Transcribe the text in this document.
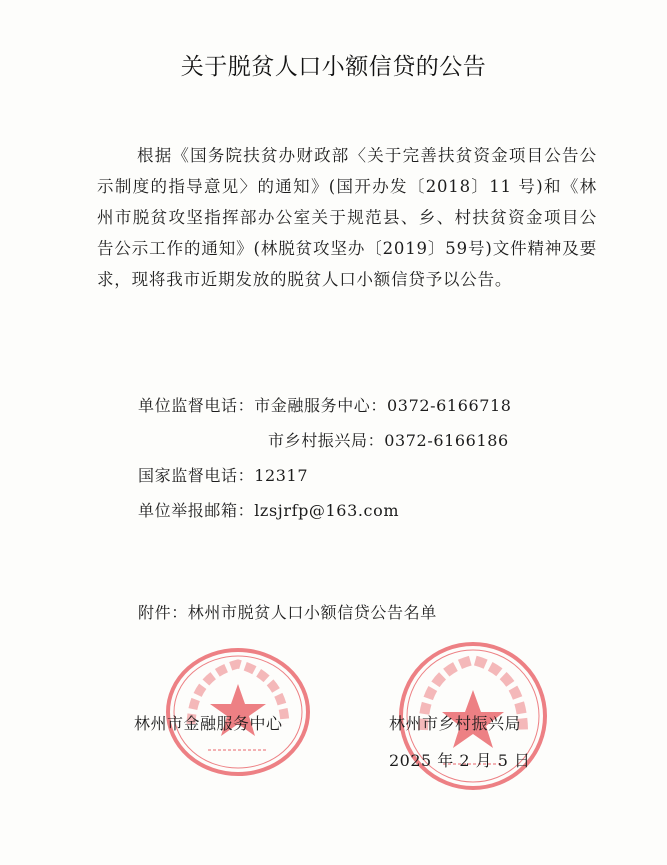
关于脱贫人口小额信贷的公告
根据《国务院扶贫办财政部〈关于完善扶贫资金项目公告公示制度的指导意见〉的通知》(国开办发〔2018〕11 号)和《林州市脱贫攻坚指挥部办公室关于规范县、乡、村扶贫资金项目公告公示工作的通知》(林脱贫攻坚办〔2019〕59号)文件精神及要求，现将我市近期发放的脱贫人口小额信贷予以公告。
单位监督电话：市金融服务中心：0372-6166718
市乡村振兴局：0372-6166186
国家监督电话：12317
单位举报邮箱：lzsjrfp@163.com
附件：林州市脱贫人口小额信贷公告名单
林州市金融服务中心	林州市乡村振兴局
2025 年 2 月 5 日
